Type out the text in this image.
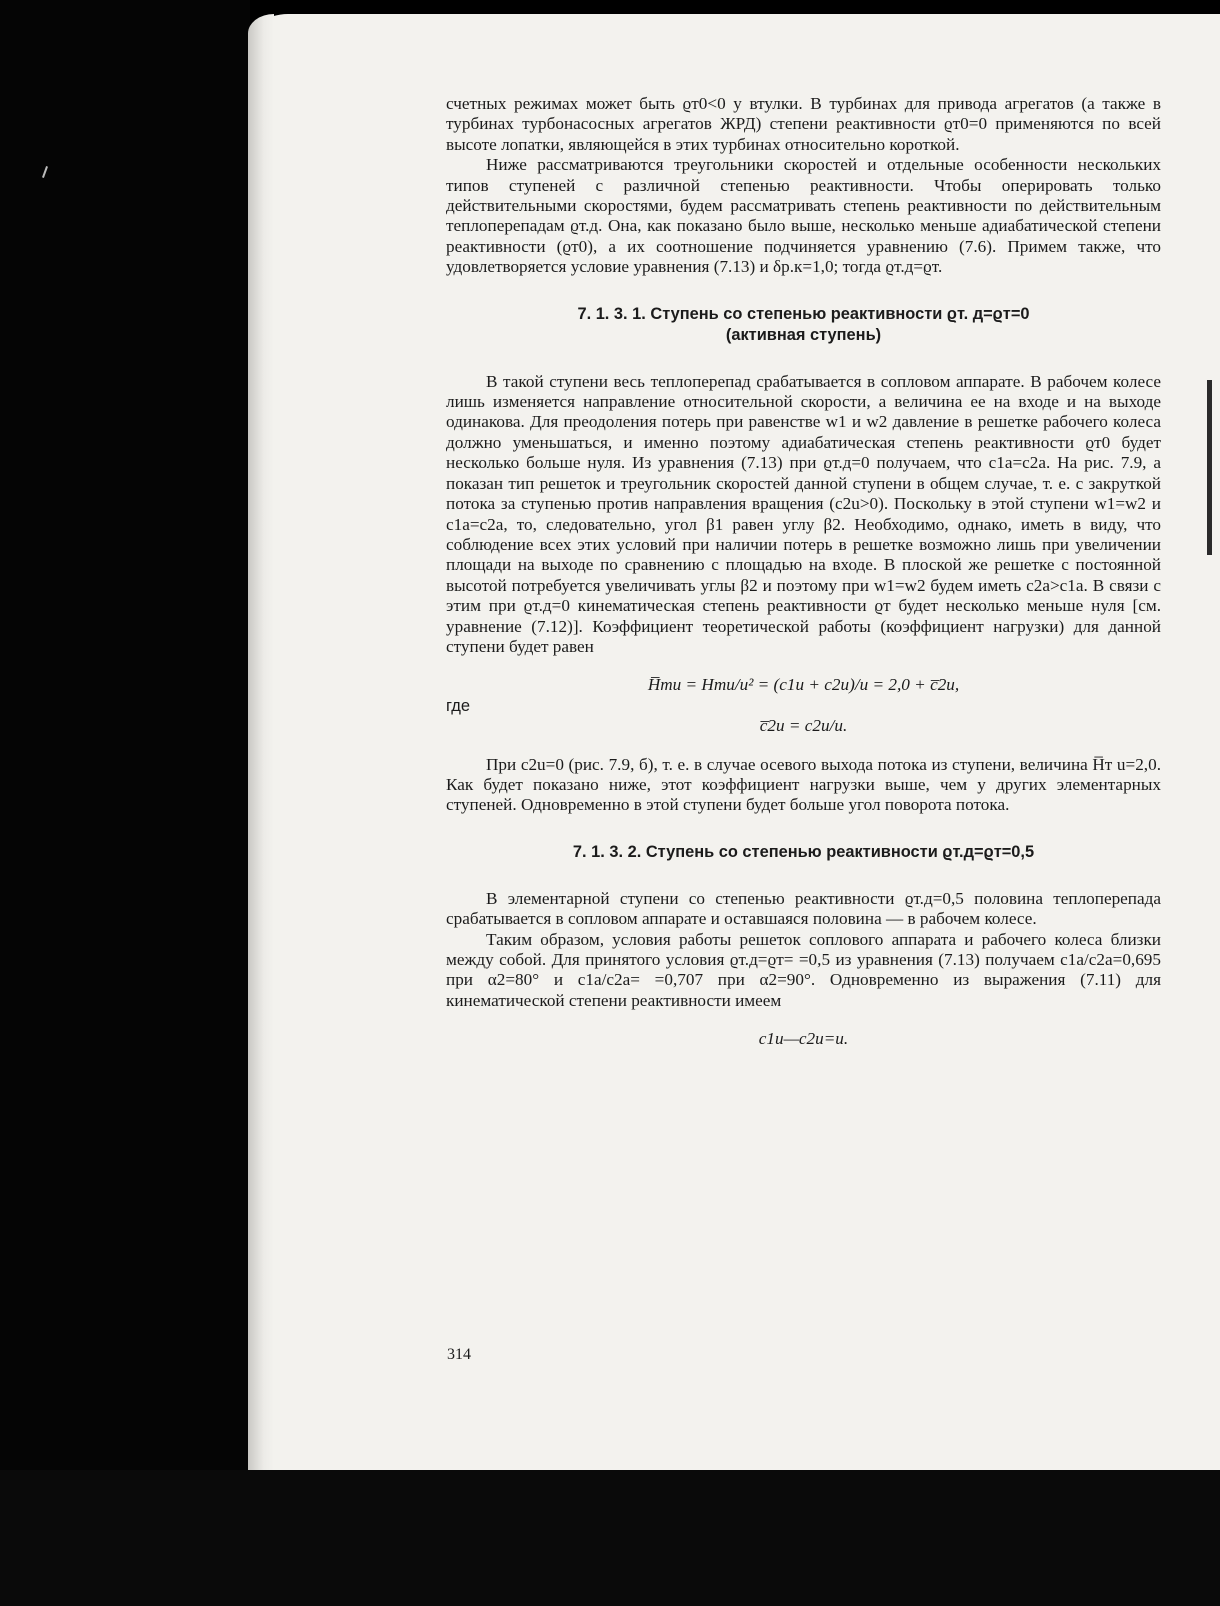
счетных режимах может быть ϱт0<0 у втулки. В турбинах для привода агрегатов (а также в турбинах турбонасосных агрегатов ЖРД) степени реактивности ϱт0=0 применяются по всей высоте лопатки, являющейся в этих турбинах относительно короткой.

Ниже рассматриваются треугольники скоростей и отдельные особенности нескольких типов ступеней с различной степенью реактивности. Чтобы оперировать только действительными скоростями, будем рассматривать степень реактивности по действительным теплоперепадам ϱт.д. Она, как показано было выше, несколько меньше адиабатической степени реактивности (ϱт0), а их соотношение подчиняется уравнению (7.6). Примем также, что удовлетворяется условие уравнения (7.13) и δр.к=1,0; тогда ϱт.д=ϱт.

7. 1. 3. 1. Ступень со степенью реактивности ϱт. д=ϱт=0
(активная ступень)

В такой ступени весь теплоперепад срабатывается в сопловом аппарате. В рабочем колесе лишь изменяется направление относительной скорости, а величина ее на входе и на выходе одинакова. Для преодоления потерь при равенстве w1 и w2 давление в решетке рабочего колеса должно уменьшаться, и именно поэтому адиабатическая степень реактивности ϱт0 будет несколько больше нуля. Из уравнения (7.13) при ϱт.д=0 получаем, что c1a=c2a. На рис. 7.9, а показан тип решеток и треугольник скоростей данной ступени в общем случае, т. е. с закруткой потока за ступенью против направления вращения (c2u>0). Поскольку в этой ступени w1=w2 и c1a=c2a, то, следовательно, угол β1 равен углу β2. Необходимо, однако, иметь в виду, что соблюдение всех этих условий при наличии потерь в решетке возможно лишь при увеличении площади на выходе по сравнению с площадью на входе. В плоской же решетке с постоянной высотой потребуется увеличивать углы β2 и поэтому при w1=w2 будем иметь c2a>c1a. В связи с этим при ϱт.д=0 кинематическая степень реактивности ϱт будет несколько меньше нуля [см. уравнение (7.12)]. Коэффициент теоретической работы (коэффициент нагрузки) для данной ступени будет равен

H̅тu = Hтu/u² = (c1u + c2u)/u = 2,0 + c̅2u,
где
c̅2u = c2u/u.

При c2u=0 (рис. 7.9, б), т. е. в случае осевого выхода потока из ступени, величина H̅т u=2,0. Как будет показано ниже, этот коэффициент нагрузки выше, чем у других элементарных ступеней. Одновременно в этой ступени будет больше угол поворота потока.

7. 1. 3. 2. Ступень со степенью реактивности ϱт.д=ϱт=0,5

В элементарной ступени со степенью реактивности ϱт.д=0,5 половина теплоперепада срабатывается в сопловом аппарате и оставшаяся половина — в рабочем колесе.

Таким образом, условия работы решеток соплового аппарата и рабочего колеса близки между собой. Для принятого условия ϱт.д=ϱт= =0,5 из уравнения (7.13) получаем c1a/c2a=0,695 при α2=80° и c1a/c2a= =0,707 при α2=90°. Одновременно из выражения (7.11) для кинематической степени реактивности имеем

c1u—c2u=u.
314
